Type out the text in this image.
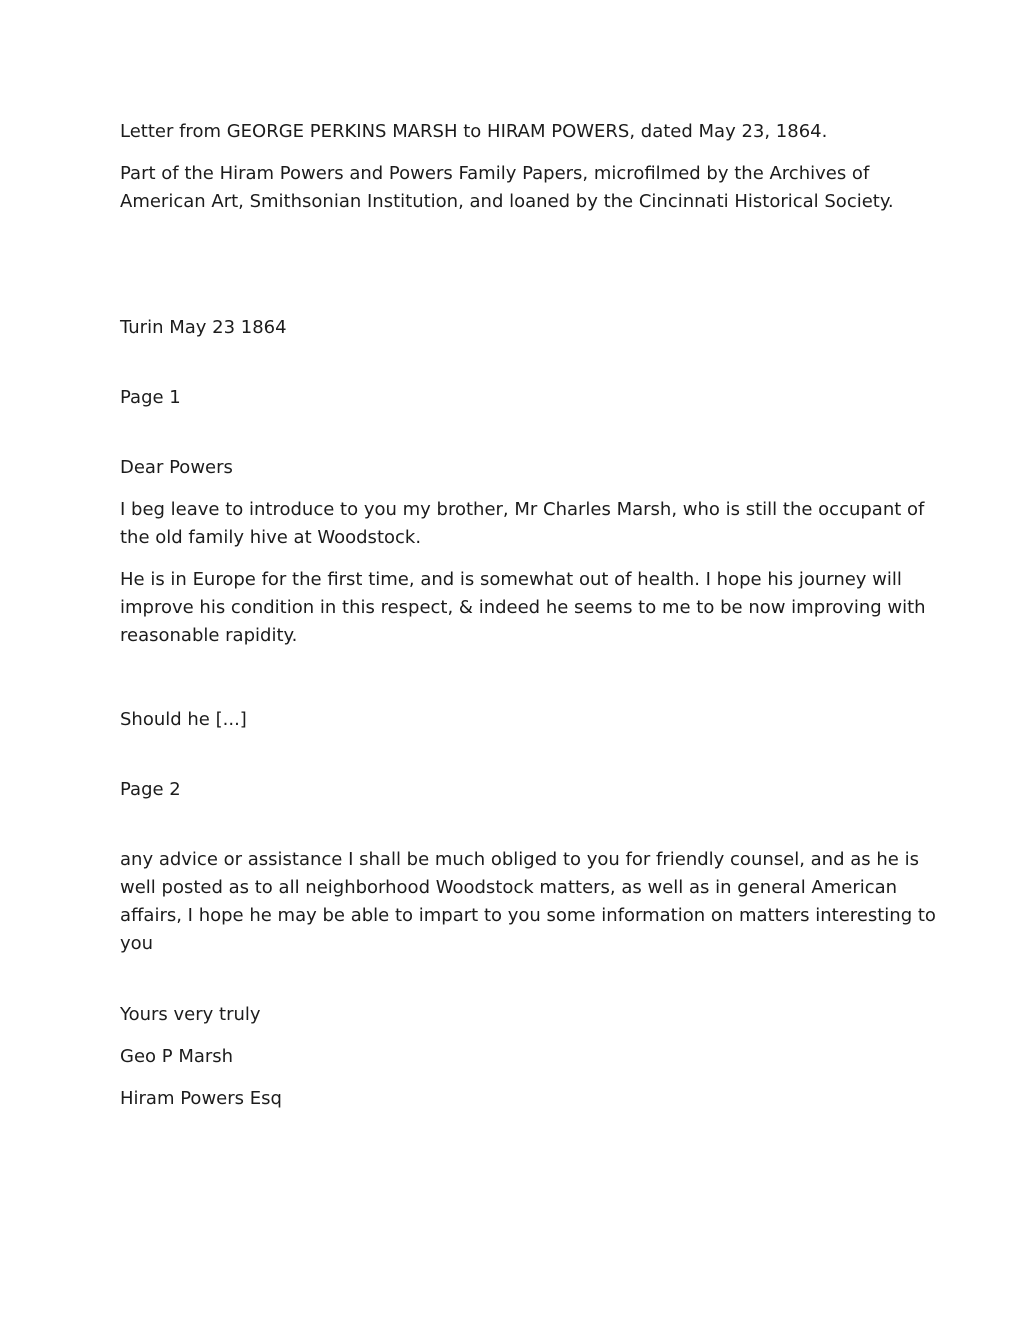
Letter from GEORGE PERKINS MARSH to HIRAM POWERS, dated May 23, 1864.
Part of the Hiram Powers and Powers Family Papers, microfilmed by the Archives of
American Art, Smithsonian Institution, and loaned by the Cincinnati Historical Society.
Turin May 23 1864
Page 1
Dear Powers
I beg leave to introduce to you my brother, Mr Charles Marsh, who is still the occupant of
the old family hive at Woodstock.
He is in Europe for the first time, and is somewhat out of health. I hope his journey will
improve his condition in this respect, & indeed he seems to me to be now improving with
reasonable rapidity.
Should he [...]
Page 2
any advice or assistance I shall be much obliged to you for friendly counsel, and as he is
well posted as to all neighborhood Woodstock matters, as well as in general American
affairs, I hope he may be able to impart to you some information on matters interesting to
you
Yours very truly
Geo P Marsh
Hiram Powers Esq
